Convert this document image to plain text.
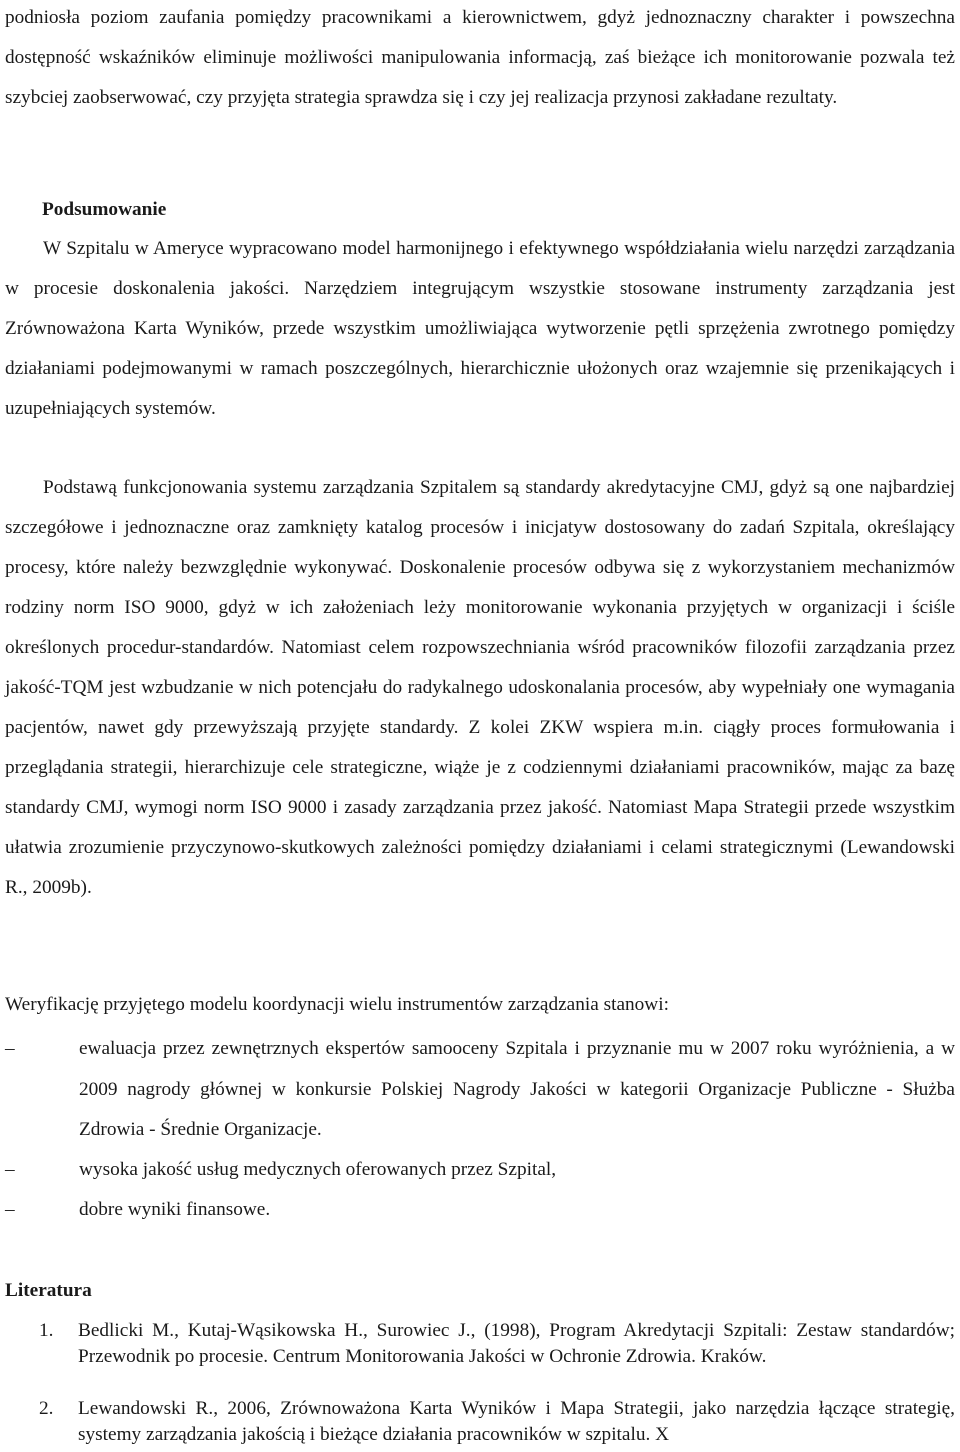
podniosła poziom zaufania pomiędzy pracownikami a kierownictwem, gdyż jednoznaczny charakter i powszechna dostępność wskaźników eliminuje możliwości manipulowania informacją, zaś bieżące ich monitorowanie pozwala też szybciej zaobserwować, czy przyjęta strategia sprawdza się i czy jej realizacja przynosi zakładane rezultaty.

Podsumowanie

W Szpitalu w Ameryce wypracowano model harmonijnego i efektywnego współdziałania wielu narzędzi zarządzania w procesie doskonalenia jakości. Narzędziem integrującym wszystkie stosowane instrumenty zarządzania jest Zrównoważona Karta Wyników, przede wszystkim umożliwiająca wytworzenie pętli sprzężenia zwrotnego pomiędzy działaniami podejmowanymi w ramach poszczególnych, hierarchicznie ułożonych oraz wzajemnie się przenikających i uzupełniających systemów.

Podstawą funkcjonowania systemu zarządzania Szpitalem są standardy akredytacyjne CMJ, gdyż są one najbardziej szczegółowe i jednoznaczne oraz zamknięty katalog procesów i inicjatyw dostosowany do zadań Szpitala, określający procesy, które należy bezwzględnie wykonywać. Doskonalenie procesów odbywa się z wykorzystaniem mechanizmów rodziny norm ISO 9000, gdyż w ich założeniach leży monitorowanie wykonania przyjętych w organizacji i ściśle określonych procedur-standardów. Natomiast celem rozpowszechniania wśród pracowników filozofii zarządzania przez jakość-TQM jest wzbudzanie w nich potencjału do radykalnego udoskonalania procesów, aby wypełniały one wymagania pacjentów, nawet gdy przewyższają przyjęte standardy. Z kolei ZKW wspiera m.in. ciągły proces formułowania i przeglądania strategii, hierarchizuje cele strategiczne, wiąże je z codziennymi działaniami pracowników, mając za bazę standardy CMJ, wymogi norm ISO 9000 i zasady zarządzania przez jakość. Natomiast Mapa Strategii przede wszystkim ułatwia zrozumienie przyczynowo-skutkowych zależności pomiędzy działaniami i celami strategicznymi (Lewandowski R., 2009b).

Weryfikację przyjętego modelu koordynacji wielu instrumentów zarządzania stanowi:

–	ewaluacja przez zewnętrznych ekspertów samooceny Szpitala i przyznanie mu w 2007 roku wyróżnienia, a w 2009 nagrody głównej w konkursie Polskiej Nagrody Jakości w kategorii Organizacje Publiczne - Służba Zdrowia - Średnie Organizacje.
–	wysoka jakość usług medycznych oferowanych przez Szpital,
–	dobre wyniki finansowe.

Literatura

1. Bedlicki M., Kutaj-Wąsikowska H., Surowiec J., (1998), Program Akredytacji Szpitali: Zestaw standardów; Przewodnik po procesie. Centrum Monitorowania Jakości w Ochronie Zdrowia. Kraków.
2. Lewandowski R., 2006, Zrównoważona Karta Wyników i Mapa Strategii, jako narzędzia łączące strategię, systemy zarządzania jakością i bieżące działania pracowników w szpitalu. X
